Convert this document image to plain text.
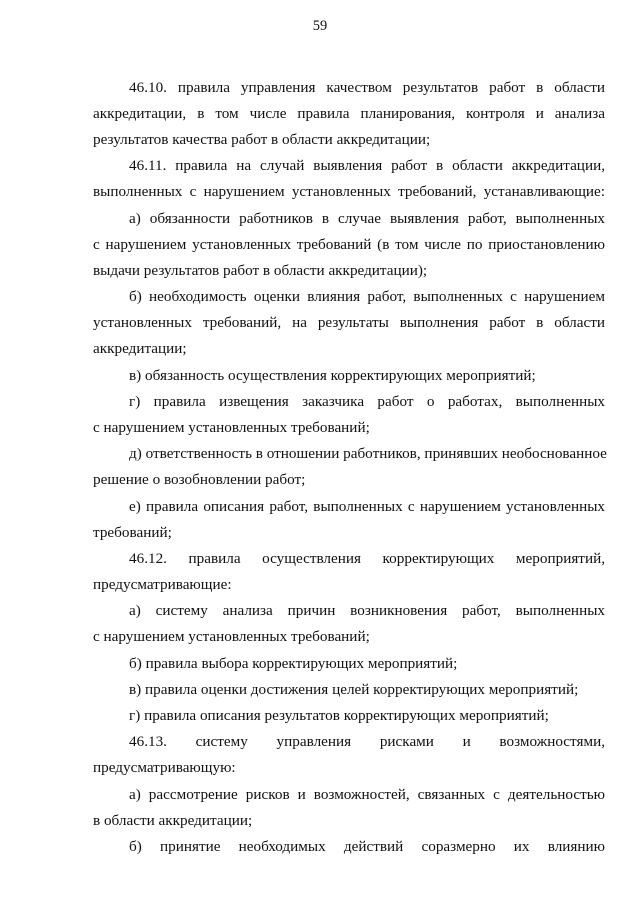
59
46.10. правила управления качеством результатов работ в области
аккредитации, в том числе правила планирования, контроля и анализа
результатов качества работ в области аккредитации;
46.11. правила на случай выявления работ в области аккредитации,
выполненных с нарушением установленных требований, устанавливающие:
а) обязанности работников в случае выявления работ, выполненных
с нарушением установленных требований (в том числе по приостановлению
выдачи результатов работ в области аккредитации);
б) необходимость оценки влияния работ, выполненных с нарушением
установленных требований, на результаты выполнения работ в области
аккредитации;
в) обязанность осуществления корректирующих мероприятий;
г) правила извещения заказчика работ о работах, выполненных
с нарушением установленных требований;
д) ответственность в отношении работников, принявших необоснованное
решение о возобновлении работ;
е) правила описания работ, выполненных с нарушением установленных
требований;
46.12. правила осуществления корректирующих мероприятий,
предусматривающие:
а) систему анализа причин возникновения работ, выполненных
с нарушением установленных требований;
б) правила выбора корректирующих мероприятий;
в) правила оценки достижения целей корректирующих мероприятий;
г) правила описания результатов корректирующих мероприятий;
46.13. систему управления рисками и возможностями,
предусматривающую:
а) рассмотрение рисков и возможностей, связанных с деятельностью
в области аккредитации;
б) принятие необходимых действий соразмерно их влиянию
